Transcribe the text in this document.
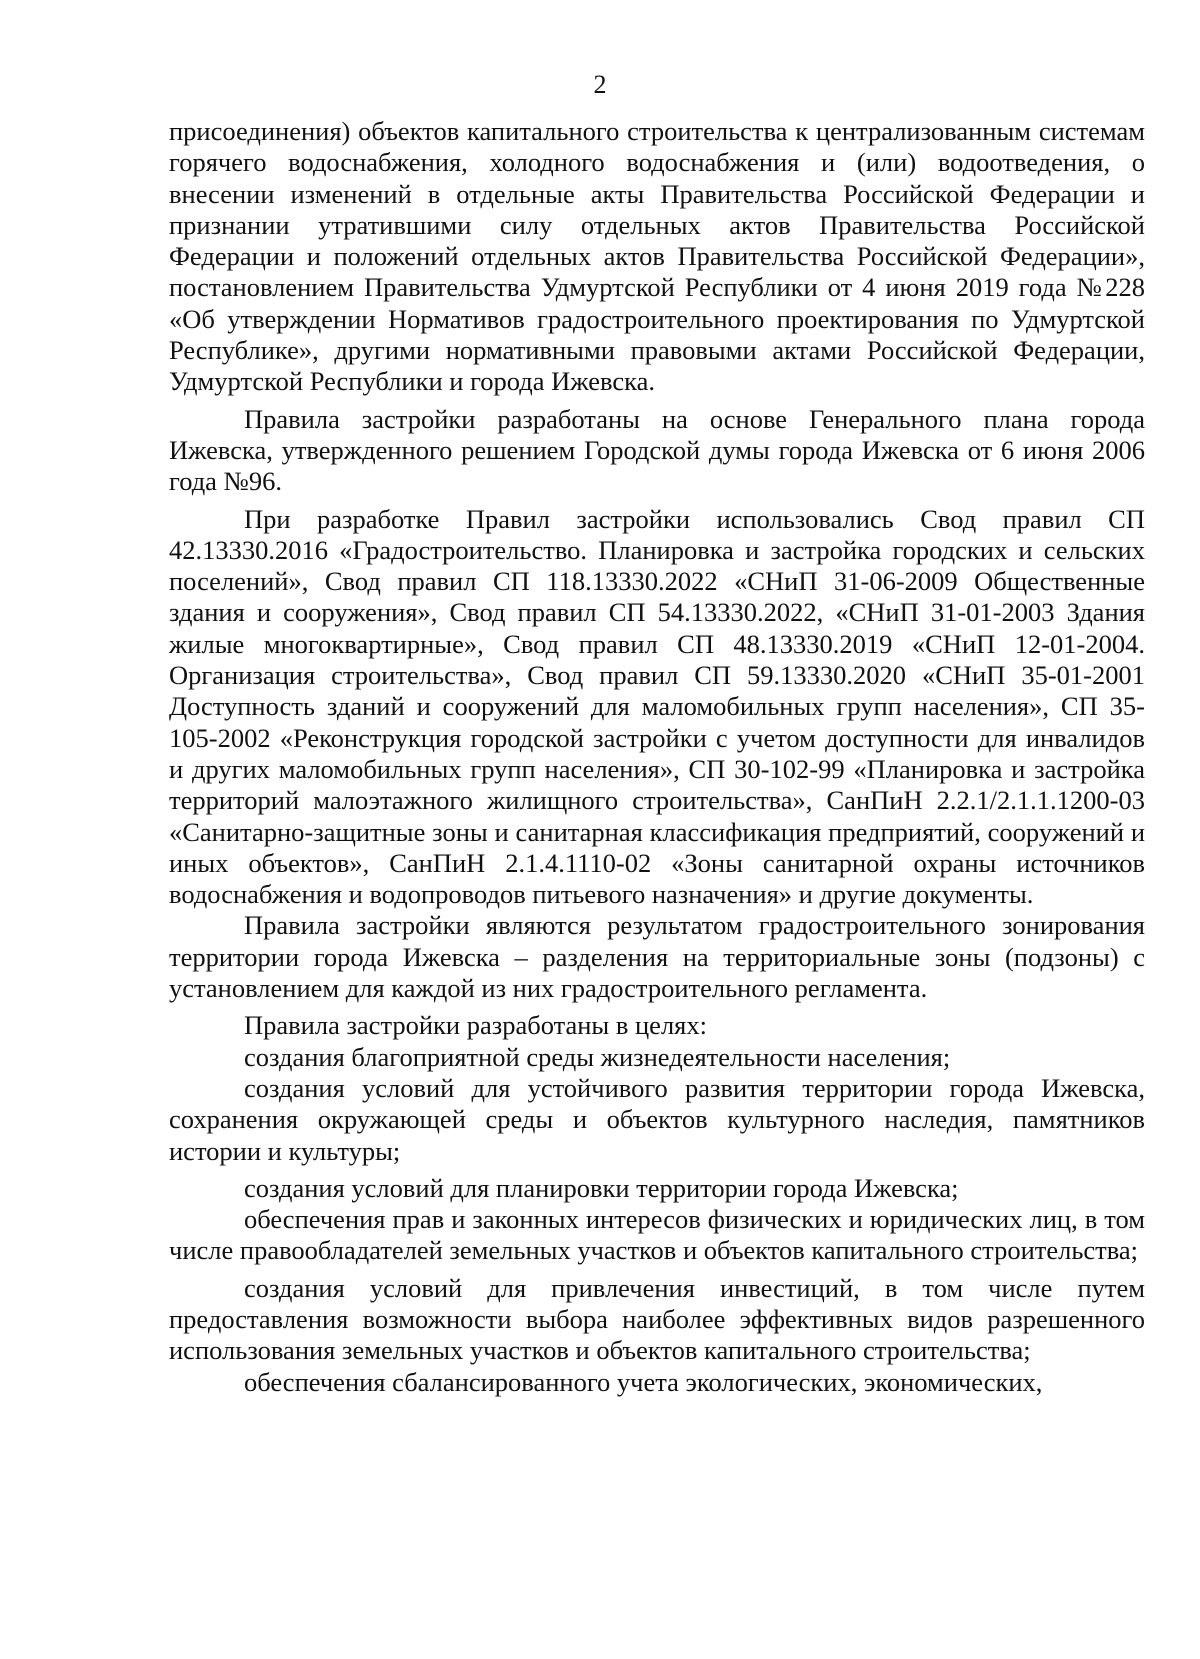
2

присоединения) объектов капитального строительства к централизованным системам горячего водоснабжения, холодного водоснабжения и (или) водоотведения, о внесении изменений в отдельные акты Правительства Российской Федерации и признании утратившими силу отдельных актов Правительства Российской Федерации и положений отдельных актов Правительства Российской Федерации», постановлением Правительства Удмуртской Республики от 4 июня 2019 года №228 «Об утверждении Нормативов градостроительного проектирования по Удмуртской Республике», другими нормативными правовыми актами Российской Федерации, Удмуртской Республики и города Ижевска.

Правила застройки разработаны на основе Генерального плана города Ижевска, утвержденного решением Городской думы города Ижевска от 6 июня 2006 года №96.

При разработке Правил застройки использовались Свод правил СП 42.13330.2016 «Градостроительство. Планировка и застройка городских и сельских поселений», Свод правил СП 118.13330.2022 «СНиП 31-06-2009 Общественные здания и сооружения», Свод правил СП 54.13330.2022, «СНиП 31-01-2003 Здания жилые многоквартирные», Свод правил СП 48.13330.2019 «СНиП 12-01-2004. Организация строительства», Свод правил СП 59.13330.2020 «СНиП 35-01-2001 Доступность зданий и сооружений для маломобильных групп населения», СП 35-105-2002 «Реконструкция городской застройки с учетом доступности для инвалидов и других маломобильных групп населения», СП 30-102-99 «Планировка и застройка территорий малоэтажного жилищного строительства», СанПиН 2.2.1/2.1.1.1200-03 «Санитарно-защитные зоны и санитарная классификация предприятий, сооружений и иных объектов», СанПиН 2.1.4.1110-02 «Зоны санитарной охраны источников водоснабжения и водопроводов питьевого назначения» и другие документы.

Правила застройки являются результатом градостроительного зонирования территории города Ижевска – разделения на территориальные зоны (подзоны) с установлением для каждой из них градостроительного регламента.

Правила застройки разработаны в целях:

создания благоприятной среды жизнедеятельности населения;

создания условий для устойчивого развития территории города Ижевска, сохранения окружающей среды и объектов культурного наследия, памятников истории и культуры;

создания условий для планировки территории города Ижевска;

обеспечения прав и законных интересов физических и юридических лиц, в том числе правообладателей земельных участков и объектов капитального строительства;

создания условий для привлечения инвестиций, в том числе путем предоставления возможности выбора наиболее эффективных видов разрешенного использования земельных участков и объектов капитального строительства;

обеспечения сбалансированного учета экологических, экономических,
